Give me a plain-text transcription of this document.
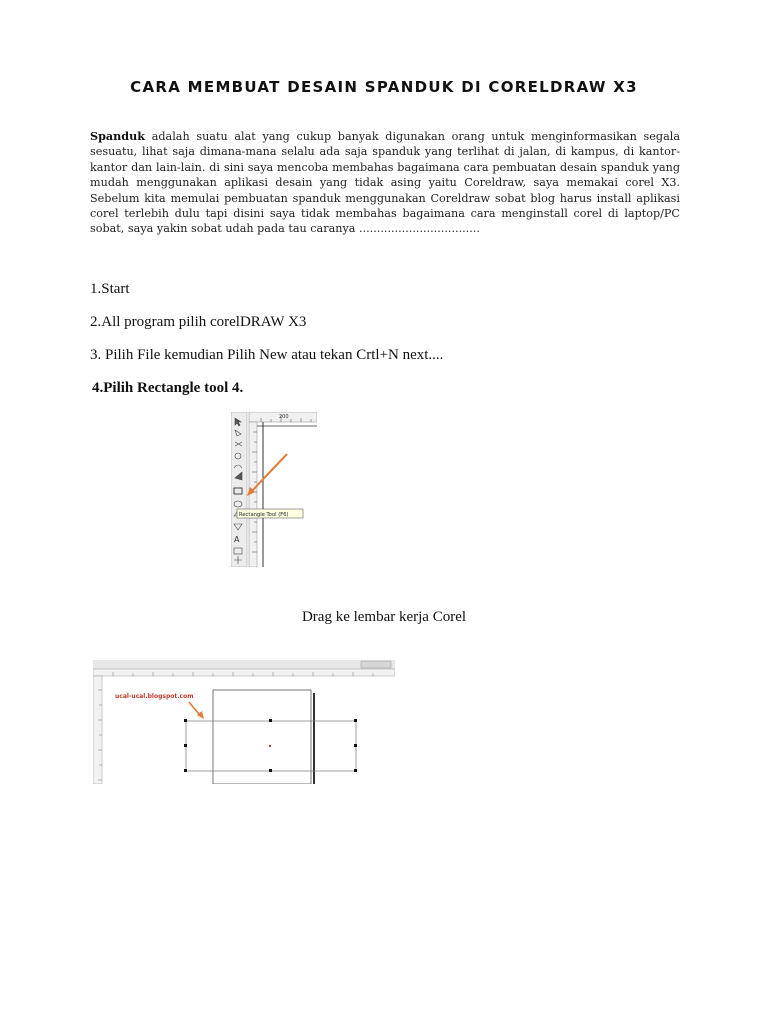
CARA MEMBUAT DESAIN SPANDUK DI CORELDRAW X3
Spanduk adalah suatu alat yang cukup banyak digunakan orang untuk menginformasikan segala sesuatu, lihat saja dimana-mana selalu ada saja spanduk yang terlihat di jalan, di kampus, di kantor-kantor dan lain-lain. di sini saya mencoba membahas bagaimana cara pembuatan desain spanduk yang mudah menggunakan aplikasi desain yang tidak asing yaitu Coreldraw, saya memakai corel X3. Sebelum kita memulai pembuatan spanduk menggunakan Coreldraw sobat blog harus install aplikasi corel terlebih dulu tapi disini saya tidak membahas bagaimana cara menginstall corel di laptop/PC sobat, saya yakin sobat udah pada tau caranya ..................................
1.Start
2.All program pilih corelDRAW X3
3. Pilih File kemudian Pilih New atau tekan Crtl+N next....
4.Pilih Rectangle tool 4.
200
A
Rectangle Tool (F6)
Drag ke lembar kerja Corel
ucal-ucal.blogspot.com
